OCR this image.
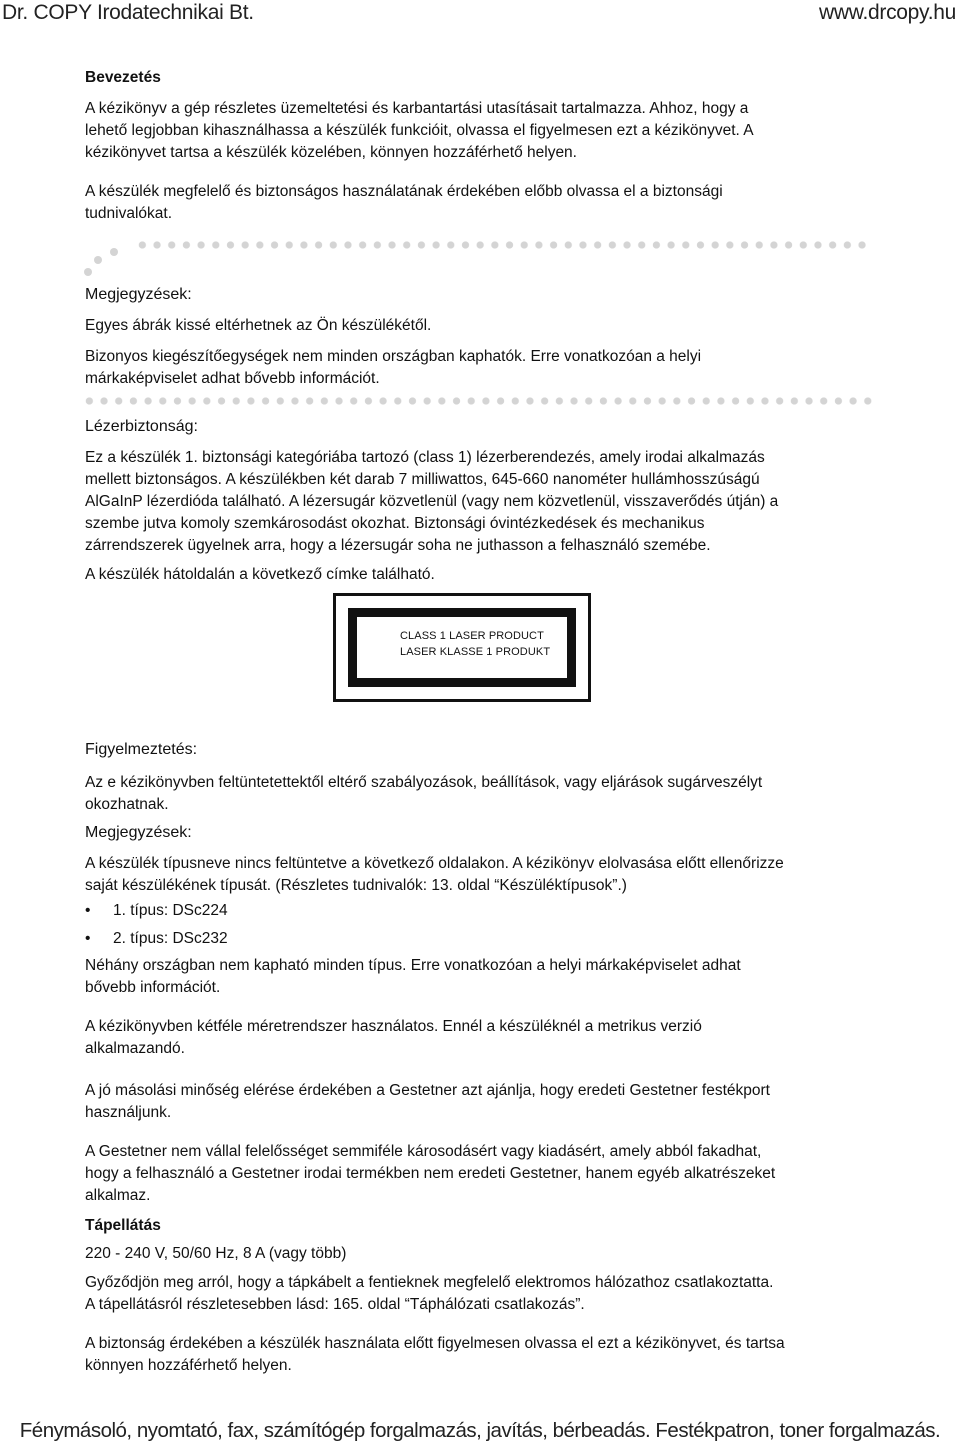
Dr. COPY Irodatechnikai Bt.	www.drcopy.hu

Bevezetés

A kézikönyv a gép részletes üzemeltetési és karbantartási utasításait tartalmazza. Ahhoz, hogy a

lehető legjobban kihasználhassa a készülék funkcióit, olvassa el figyelmesen ezt a kézikönyvet. A

kézikönyvet tartsa a készülék közelében, könnyen hozzáférhető helyen.

A készülék megfelelő és biztonságos használatának érdekében előbb olvassa el a biztonsági

tudnivalókat.

Megjegyzések:

Egyes ábrák kissé eltérhetnek az Ön készülékétől.

Bizonyos kiegészítőegységek nem minden országban kaphatók. Erre vonatkozóan a helyi

márkaképviselet adhat bővebb információt.

Lézerbiztonság:

Ez a készülék 1. biztonsági kategóriába tartozó (class 1) lézerberendezés, amely irodai alkalmazás

mellett biztonságos. A készülékben két darab 7 milliwattos, 645-660 nanométer hullámhosszúságú

AlGaInP lézerdióda található. A lézersugár közvetlenül (vagy nem közvetlenül, visszaverődés útján) a

szembe jutva komoly szemkárosodást okozhat. Biztonsági óvintézkedések és mechanikus

zárrendszerek ügyelnek arra, hogy a lézersugár soha ne juthasson a felhasználó szemébe.

A készülék hátoldalán a következő címke található.

CLASS 1 LASER PRODUCT
LASER KLASSE 1 PRODUKT

Figyelmeztetés:

Az e kézikönyvben feltüntetettektől eltérő szabályozások, beállítások, vagy eljárások sugárveszélyt

okozhatnak.

Megjegyzések:

A készülék típusneve nincs feltüntetve a következő oldalakon. A kézikönyv elolvasása előtt ellenőrizze

saját készülékének típusát. (Részletes tudnivalók: 13. oldal “Készüléktípusok”.)

• 1. típus: DSc224
• 2. típus: DSc232

Néhány országban nem kapható minden típus. Erre vonatkozóan a helyi márkaképviselet adhat

bővebb információt.

A kézikönyvben kétféle méretrendszer használatos. Ennél a készüléknél a metrikus verzió

alkalmazandó.

A jó másolási minőség elérése érdekében a Gestetner azt ajánlja, hogy eredeti Gestetner festékport

használjunk.

A Gestetner nem vállal felelősséget semmiféle károsodásért vagy kiadásért, amely abból fakadhat,

hogy a felhasználó a Gestetner irodai termékben nem eredeti Gestetner, hanem egyéb alkatrészeket

alkalmaz.

Tápellátás

220 - 240 V, 50/60 Hz, 8 A (vagy több)

Győződjön meg arról, hogy a tápkábelt a fentieknek megfelelő elektromos hálózathoz csatlakoztatta.

A tápellátásról részletesebben lásd: 165. oldal “Táphálózati csatlakozás”.

A biztonság érdekében a készülék használata előtt figyelmesen olvassa el ezt a kézikönyvet, és tartsa

könnyen hozzáférhető helyen.

Fénymásoló, nyomtató, fax, számítógép forgalmazás, javítás, bérbeadás. Festékpatron, toner forgalmazás.
